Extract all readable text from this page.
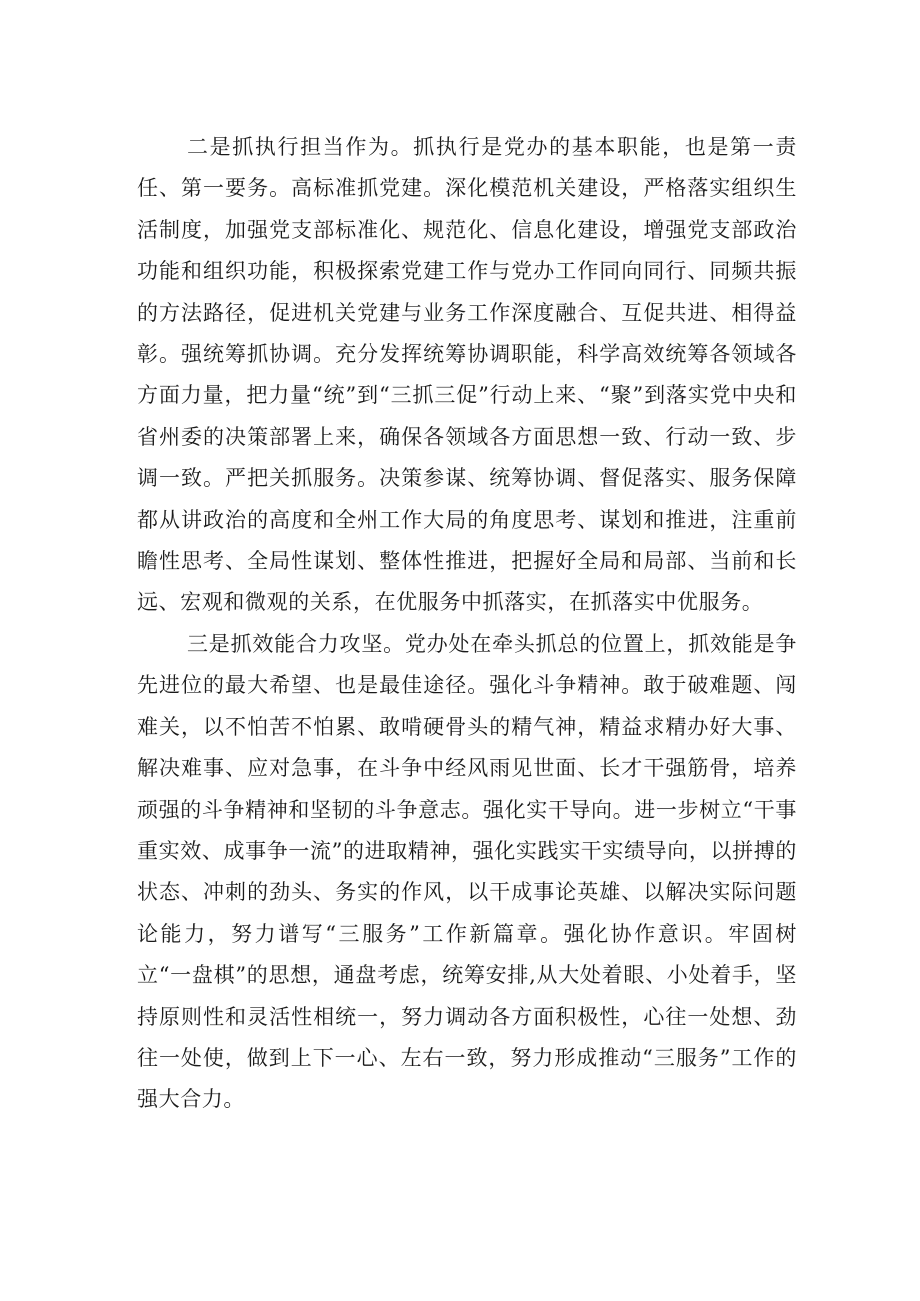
二是抓执行担当作为。抓执行是党办的基本职能，也是第一责任、第一要务。高标准抓党建。深化模范机关建设，严格落实组织生活制度，加强党支部标准化、规范化、信息化建设，增强党支部政治功能和组织功能，积极探索党建工作与党办工作同向同行、同频共振的方法路径，促进机关党建与业务工作深度融合、互促共进、相得益彰。强统筹抓协调。充分发挥统筹协调职能，科学高效统筹各领域各方面力量，把力量“统”到“三抓三促”行动上来、“聚”到落实党中央和省州委的决策部署上来，确保各领域各方面思想一致、行动一致、步调一致。严把关抓服务。决策参谋、统筹协调、督促落实、服务保障都从讲政治的高度和全州工作大局的角度思考、谋划和推进，注重前瞻性思考、全局性谋划、整体性推进，把握好全局和局部、当前和长远、宏观和微观的关系，在优服务中抓落实，在抓落实中优服务。

三是抓效能合力攻坚。党办处在牵头抓总的位置上，抓效能是争先进位的最大希望、也是最佳途径。强化斗争精神。敢于破难题、闯难关，以不怕苦不怕累、敢啃硬骨头的精气神，精益求精办好大事、解决难事、应对急事，在斗争中经风雨见世面、长才干强筋骨，培养顽强的斗争精神和坚韧的斗争意志。强化实干导向。进一步树立“干事重实效、成事争一流”的进取精神，强化实践实干实绩导向，以拼搏的状态、冲刺的劲头、务实的作风，以干成事论英雄、以解决实际问题论能力，努力谱写“三服务”工作新篇章。强化协作意识。牢固树立“一盘棋”的思想，通盘考虑，统筹安排,从大处着眼、小处着手，坚持原则性和灵活性相统一，努力调动各方面积极性，心往一处想、劲往一处使，做到上下一心、左右一致，努力形成推动“三服务”工作的强大合力。
